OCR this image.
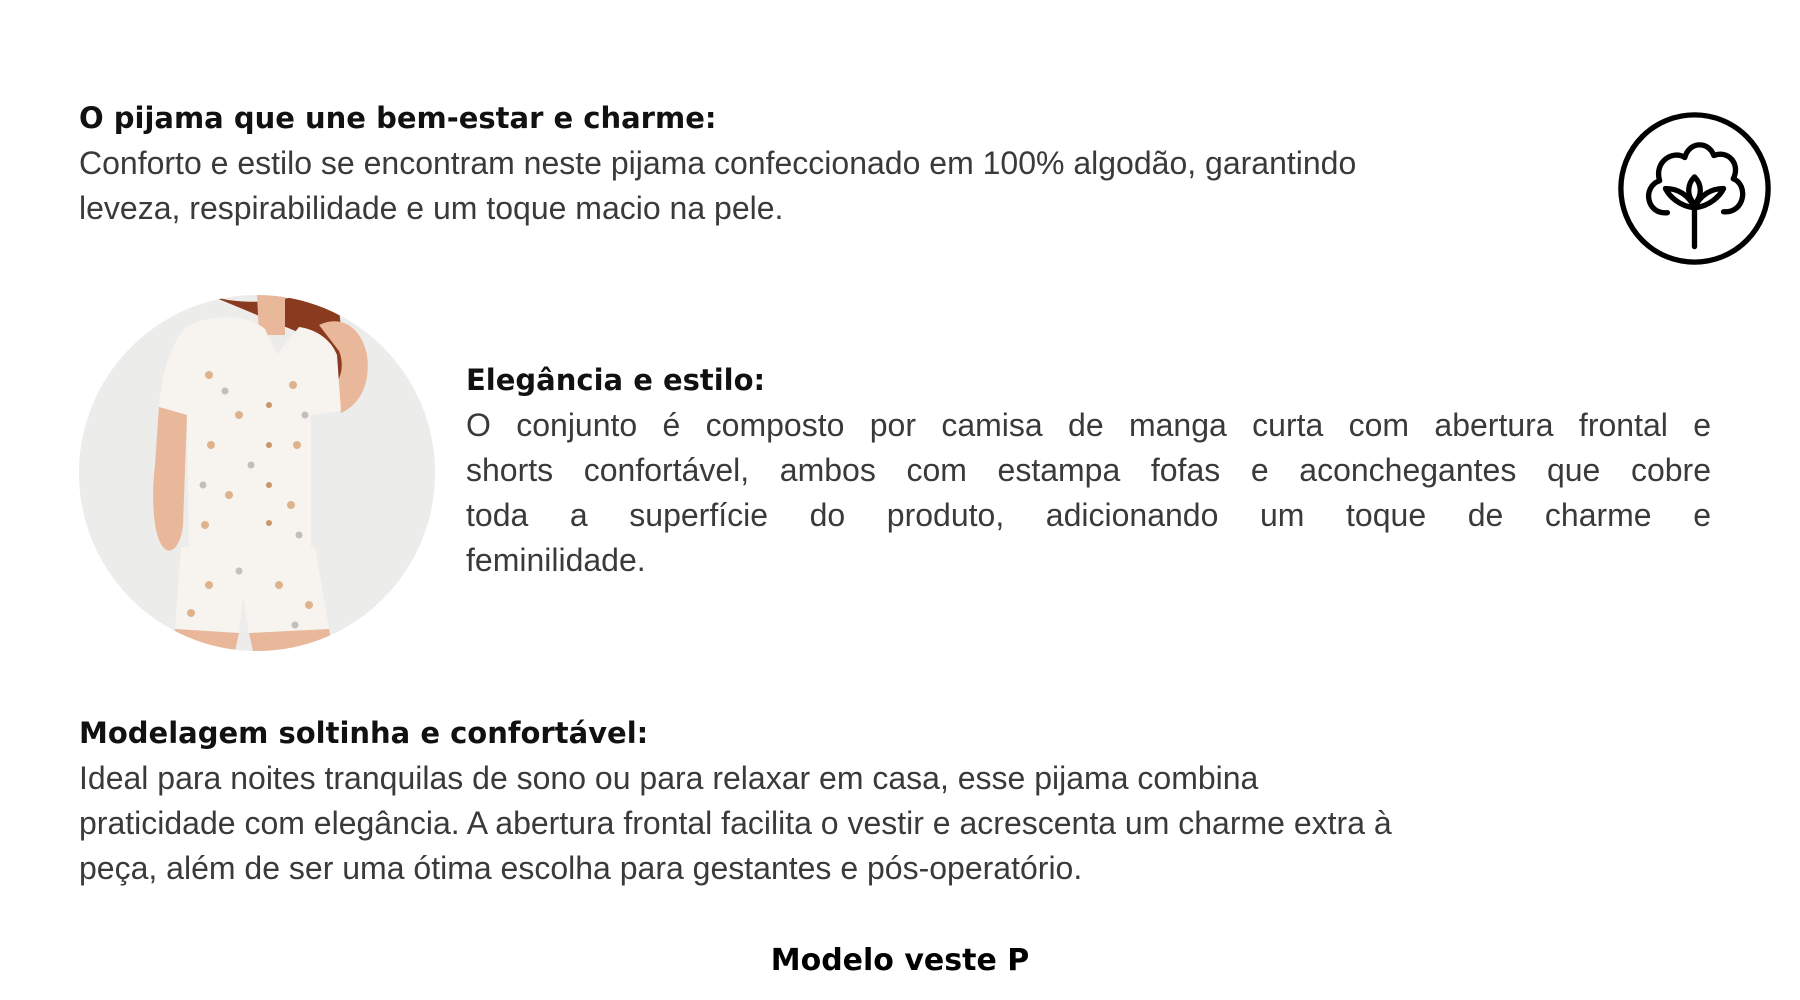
O pijama que une bem-estar e charme:

Conforto e estilo se encontram neste pijama confeccionado em 100% algodão, garantindo
leveza, respirabilidade e um toque macio na pele.

Elegância e estilo:
O conjunto é composto por camisa de manga curta com abertura frontal e
shorts confortável, ambos com estampa fofas e aconchegantes que cobre
toda a superfície do produto, adicionando um toque de charme e
feminilidade.
Modelagem soltinha e confortável:

Ideal para noites tranquilas de sono ou para relaxar em casa, esse pijama combina
praticidade com elegância. A abertura frontal facilita o vestir e acrescenta um charme extra à
peça, além de ser uma ótima escolha para gestantes e pós-operatório.

Modelo veste P
